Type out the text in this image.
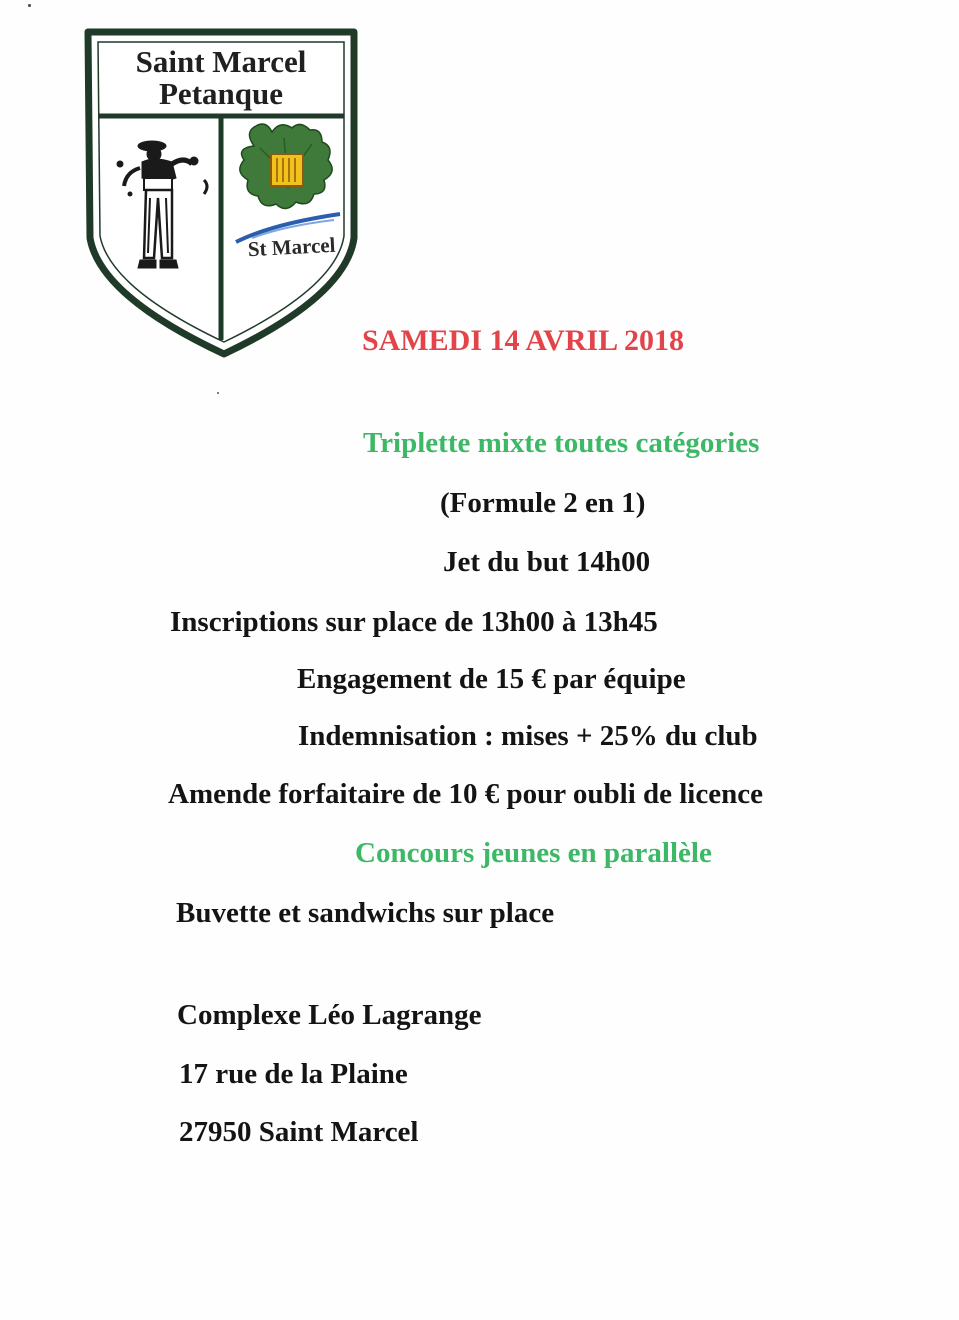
Saint Marcel
Petanque
St Marcel
SAMEDI 14 AVRIL 2018
Triplette mixte toutes catégories
(Formule 2 en 1)
Jet du but 14h00
Inscriptions sur place de 13h00 à 13h45
Engagement de 15 € par équipe
Indemnisation : mises + 25% du club
Amende forfaitaire de 10 € pour oubli de licence
Concours jeunes en parallèle
Buvette et sandwichs sur place
Complexe Léo Lagrange
17 rue de la Plaine
27950 Saint Marcel
